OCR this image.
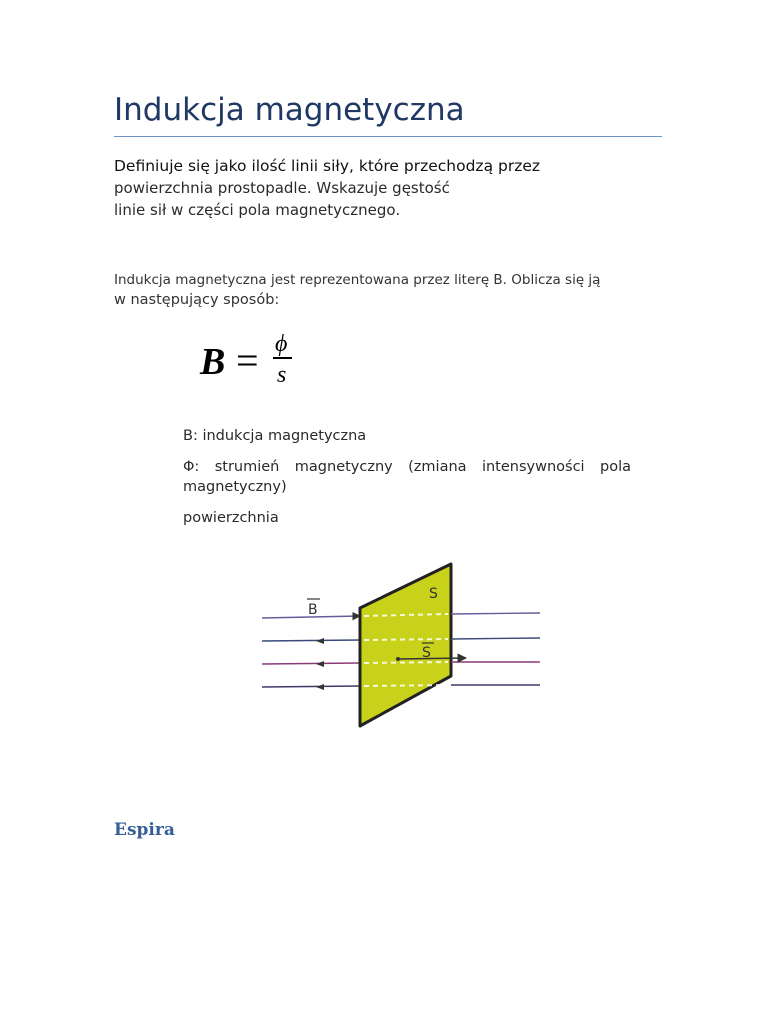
Indukcja magnetyczna

Definiuje się jako ilość linii siły, które przechodzą przez
powierzchnia prostopadle. Wskazuje gęstość
linie sił w części pola magnetycznego.

Indukcja magnetyczna jest reprezentowana przez literę B. Oblicza się ją
w następujący sposób:

B = ϕ
s
B: indukcja magnetyczna
Φ: strumień magnetyczny (zmiana intensywności pola magnetyczny)
powierzchnia
B
S
S
Espira
